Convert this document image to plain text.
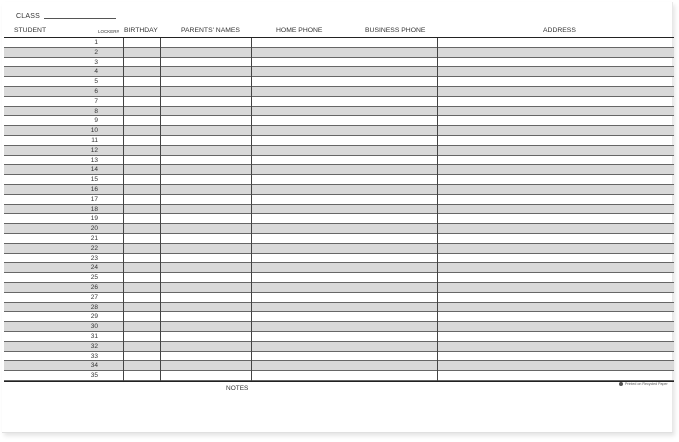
CLASS
STUDENT	LOCKER# BIRTHDAY	PARENTS' NAMES	HOME PHONE	BUSINESS PHONE	ADDRESS
1
2
3
4
5
6
7
8
9
10
11
12
13
14
15
16
17
18
19
20
21
22
23
24
25
26
27
28
29
30
31
32
33
34
35
NOTES
Printed on Recycled Paper
